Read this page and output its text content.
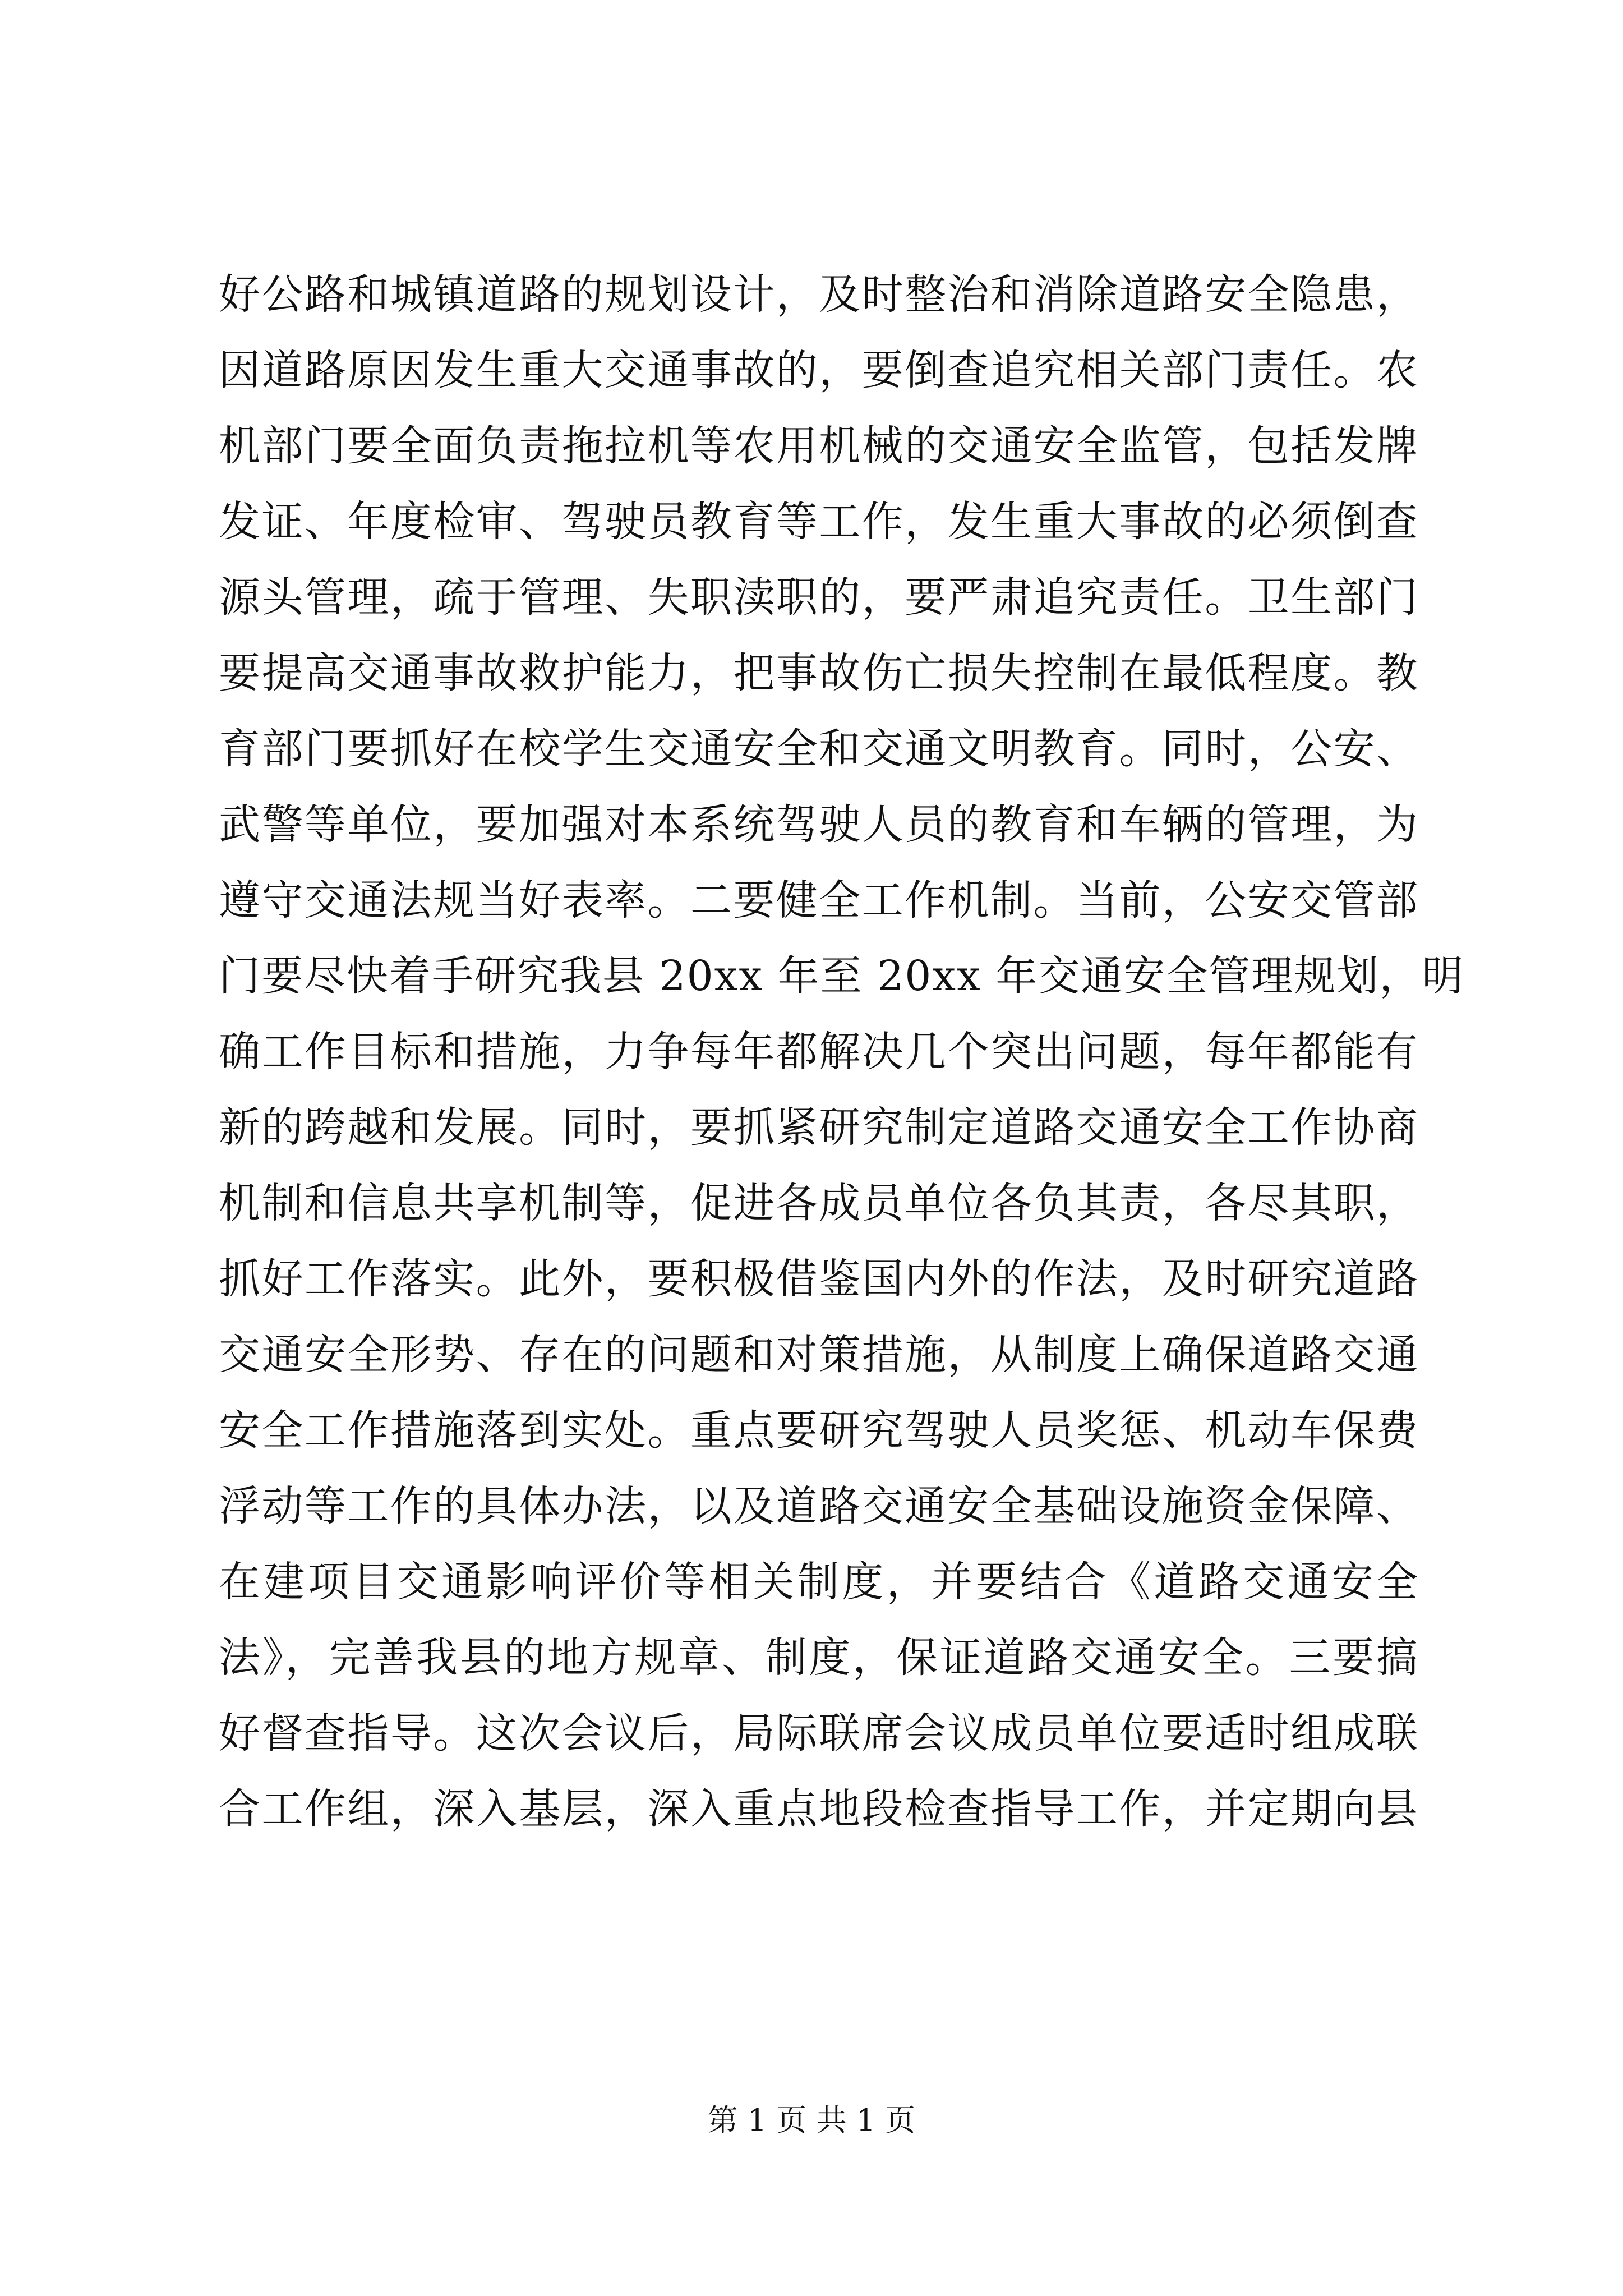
好公路和城镇道路的规划设计，及时整治和消除道路安全隐患，
因道路原因发生重大交通事故的，要倒查追究相关部门责任。农
机部门要全面负责拖拉机等农用机械的交通安全监管，包括发牌
发证、年度检审、驾驶员教育等工作，发生重大事故的必须倒查
源头管理，疏于管理、失职渎职的，要严肃追究责任。卫生部门
要提高交通事故救护能力，把事故伤亡损失控制在最低程度。教
育部门要抓好在校学生交通安全和交通文明教育。同时，公安、
武警等单位，要加强对本系统驾驶人员的教育和车辆的管理，为
遵守交通法规当好表率。二要健全工作机制。当前，公安交管部
门要尽快着手研究我县 20xx 年至 20xx 年交通安全管理规划，明
确工作目标和措施，力争每年都解决几个突出问题，每年都能有
新的跨越和发展。同时，要抓紧研究制定道路交通安全工作协商
机制和信息共享机制等，促进各成员单位各负其责，各尽其职，
抓好工作落实。此外，要积极借鉴国内外的作法，及时研究道路
交通安全形势、存在的问题和对策措施，从制度上确保道路交通
安全工作措施落到实处。重点要研究驾驶人员奖惩、机动车保费
浮动等工作的具体办法，以及道路交通安全基础设施资金保障、
在建项目交通影响评价等相关制度，并要结合《道路交通安全
法》，完善我县的地方规章、制度，保证道路交通安全。三要搞
好督查指导。这次会议后，局际联席会议成员单位要适时组成联
合工作组，深入基层，深入重点地段检查指导工作，并定期向县
第 1 页 共 1 页
